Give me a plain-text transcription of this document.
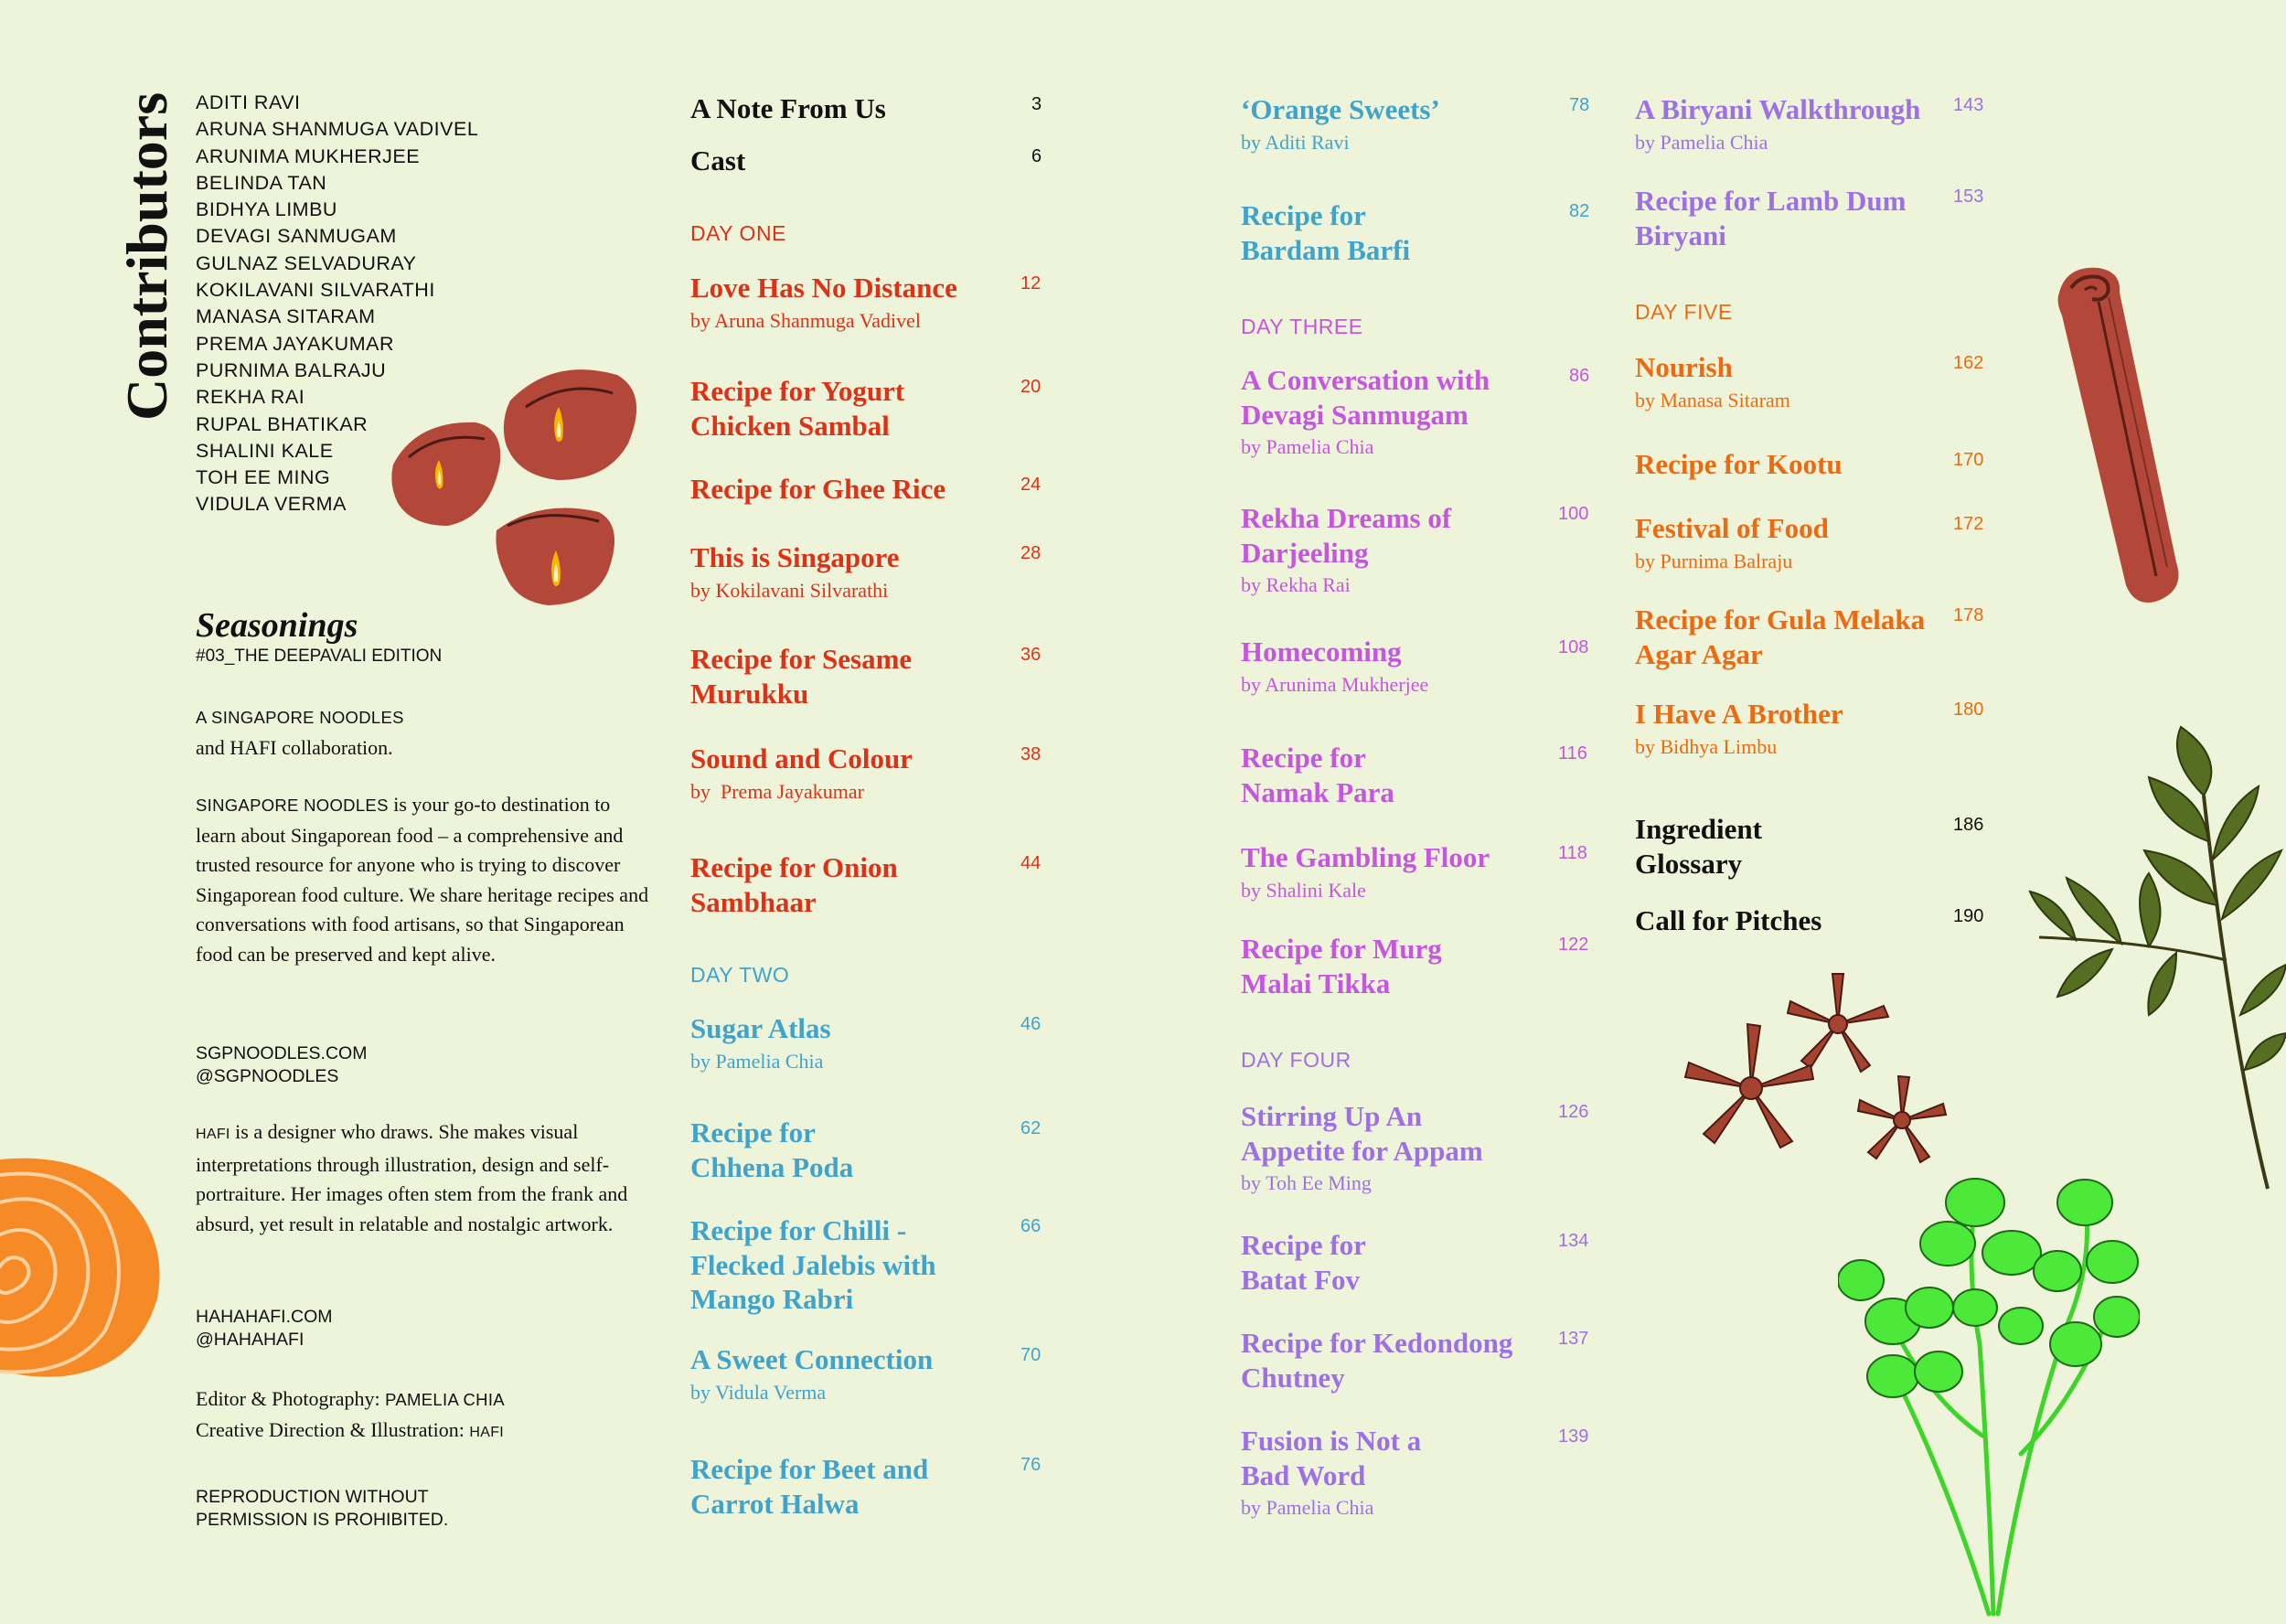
Contributors ADITI RAVI
ARUNA SHANMUGA VADIVEL
ARUNIMA MUKHERJEE
BELINDA TAN
BIDHYA LIMBU
DEVAGI SANMUGAM
GULNAZ SELVADURAY
KOKILAVANI SILVARATHI
MANASA SITARAM
PREMA JAYAKUMAR
PURNIMA BALRAJU
REKHA RAI
RUPAL BHATIKAR
SHALINI KALE
TOH EE MING
VIDULA VERMA
Seasonings
#03_THE DEEPAVALI EDITION
A SINGAPORE NOODLES
and HAFI collaboration.
SINGAPORE NOODLES is your go-to destination to learn about Singaporean food – a comprehensive and trusted resource for anyone who is trying to discover Singaporean food culture. We share heritage recipes and conversations with food artisans, so that Singaporean food can be preserved and kept alive.
SGPNOODLES.COM
@SGPNOODLES
HAFI is a designer who draws. She makes visual interpretations through illustration, design and self-portraiture. Her images often stem from the frank and absurd, yet result in relatable and nostalgic artwork.
HAHAHAFI.COM
@HAHAHAFI
Editor & Photography: PAMELIA CHIA
Creative Direction & Illustration: HAFI
REPRODUCTION WITHOUT
PERMISSION IS PROHIBITED.
A Note From Us	3
Cast	6
DAY ONE
Love Has No Distance
by Aruna Shanmuga Vadivel
12
Recipe for Yogurt Chicken Sambal
20
Recipe for Ghee Rice	24
This is Singapore
by Kokilavani Silvarathi
28
Recipe for Sesame Murukku
36
Sound and Colour
by  Prema Jayakumar
38
Recipe for Onion Sambhaar
44
DAY TWO
Sugar Atlas
by Pamelia Chia
46
Recipe for Chhena Poda
62
Recipe for Chilli -Flecked Jalebis with Mango Rabri
66
A Sweet Connection
by Vidula Verma
70
Recipe for Beet and Carrot Halwa
76
‘Orange Sweets’
by Aditi Ravi
78
Recipe for Bardam Barfi
82
DAY THREE
A Conversation with Devagi Sanmugam
by Pamelia Chia
86
Rekha Dreams of Darjeeling
by Rekha Rai
100
Homecoming
by Arunima Mukherjee
108
Recipe for Namak Para
116
The Gambling Floor
by Shalini Kale
118
Recipe for Murg Malai Tikka
122
DAY FOUR
Stirring Up An Appetite for Appam
by Toh Ee Ming
126
Recipe for Batat Fov
134
Recipe for Kedondong Chutney
137
Fusion is Not a Bad Word
by Pamelia Chia
139
A Biryani Walkthrough
by Pamelia Chia
143
Recipe for Lamb Dum Biryani
153
DAY FIVE
Nourish
by Manasa Sitaram
162
Recipe for Kootu	170
Festival of Food
by Purnima Balraju
172
Recipe for Gula Melaka Agar Agar
178
I Have A Brother
by Bidhya Limbu
180
Ingredient Glossary
186
Call for Pitches	190
